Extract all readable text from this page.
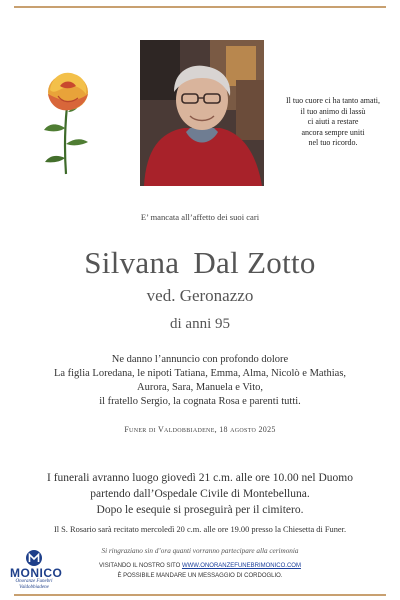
Il tuo cuore ci ha tanto amati,
il tuo animo di lassù
ci aiuti a restare
ancora sempre uniti
nel tuo ricordo.
E’ mancata all’affetto dei suoi cari
Silvana Dal Zotto
ved. Geronazzo
di anni 95
Ne danno l’annuncio con profondo dolore
La figlia Loredana, le nipoti Tatiana, Emma, Alma, Nicolò e Mathias,
Aurora, Sara, Manuela e Vito,
il fratello Sergio, la cognata Rosa e parenti tutti.
Funer di Valdobbiadene, 18 agosto 2025
I funerali avranno luogo giovedì 21 c.m. alle ore 10.00 nel Duomo
partendo dall’Ospedale Civile di Montebelluna.
Dopo le esequie si proseguirà per il cimitero.
Il S. Rosario sarà recitato mercoledì 20 c.m. alle ore 19.00 presso la Chiesetta di Funer.
Si ringraziano sin d’ora quanti vorranno partecipare alla cerimonia
VISITANDO IL NOSTRO SITO WWW.ONORANZEFUNEBRIMONICO.COM
È POSSIBILE MANDARE UN MESSAGGIO DI CORDOGLIO.
MONICO
Onoranze Funebri
Valdobbiadene
